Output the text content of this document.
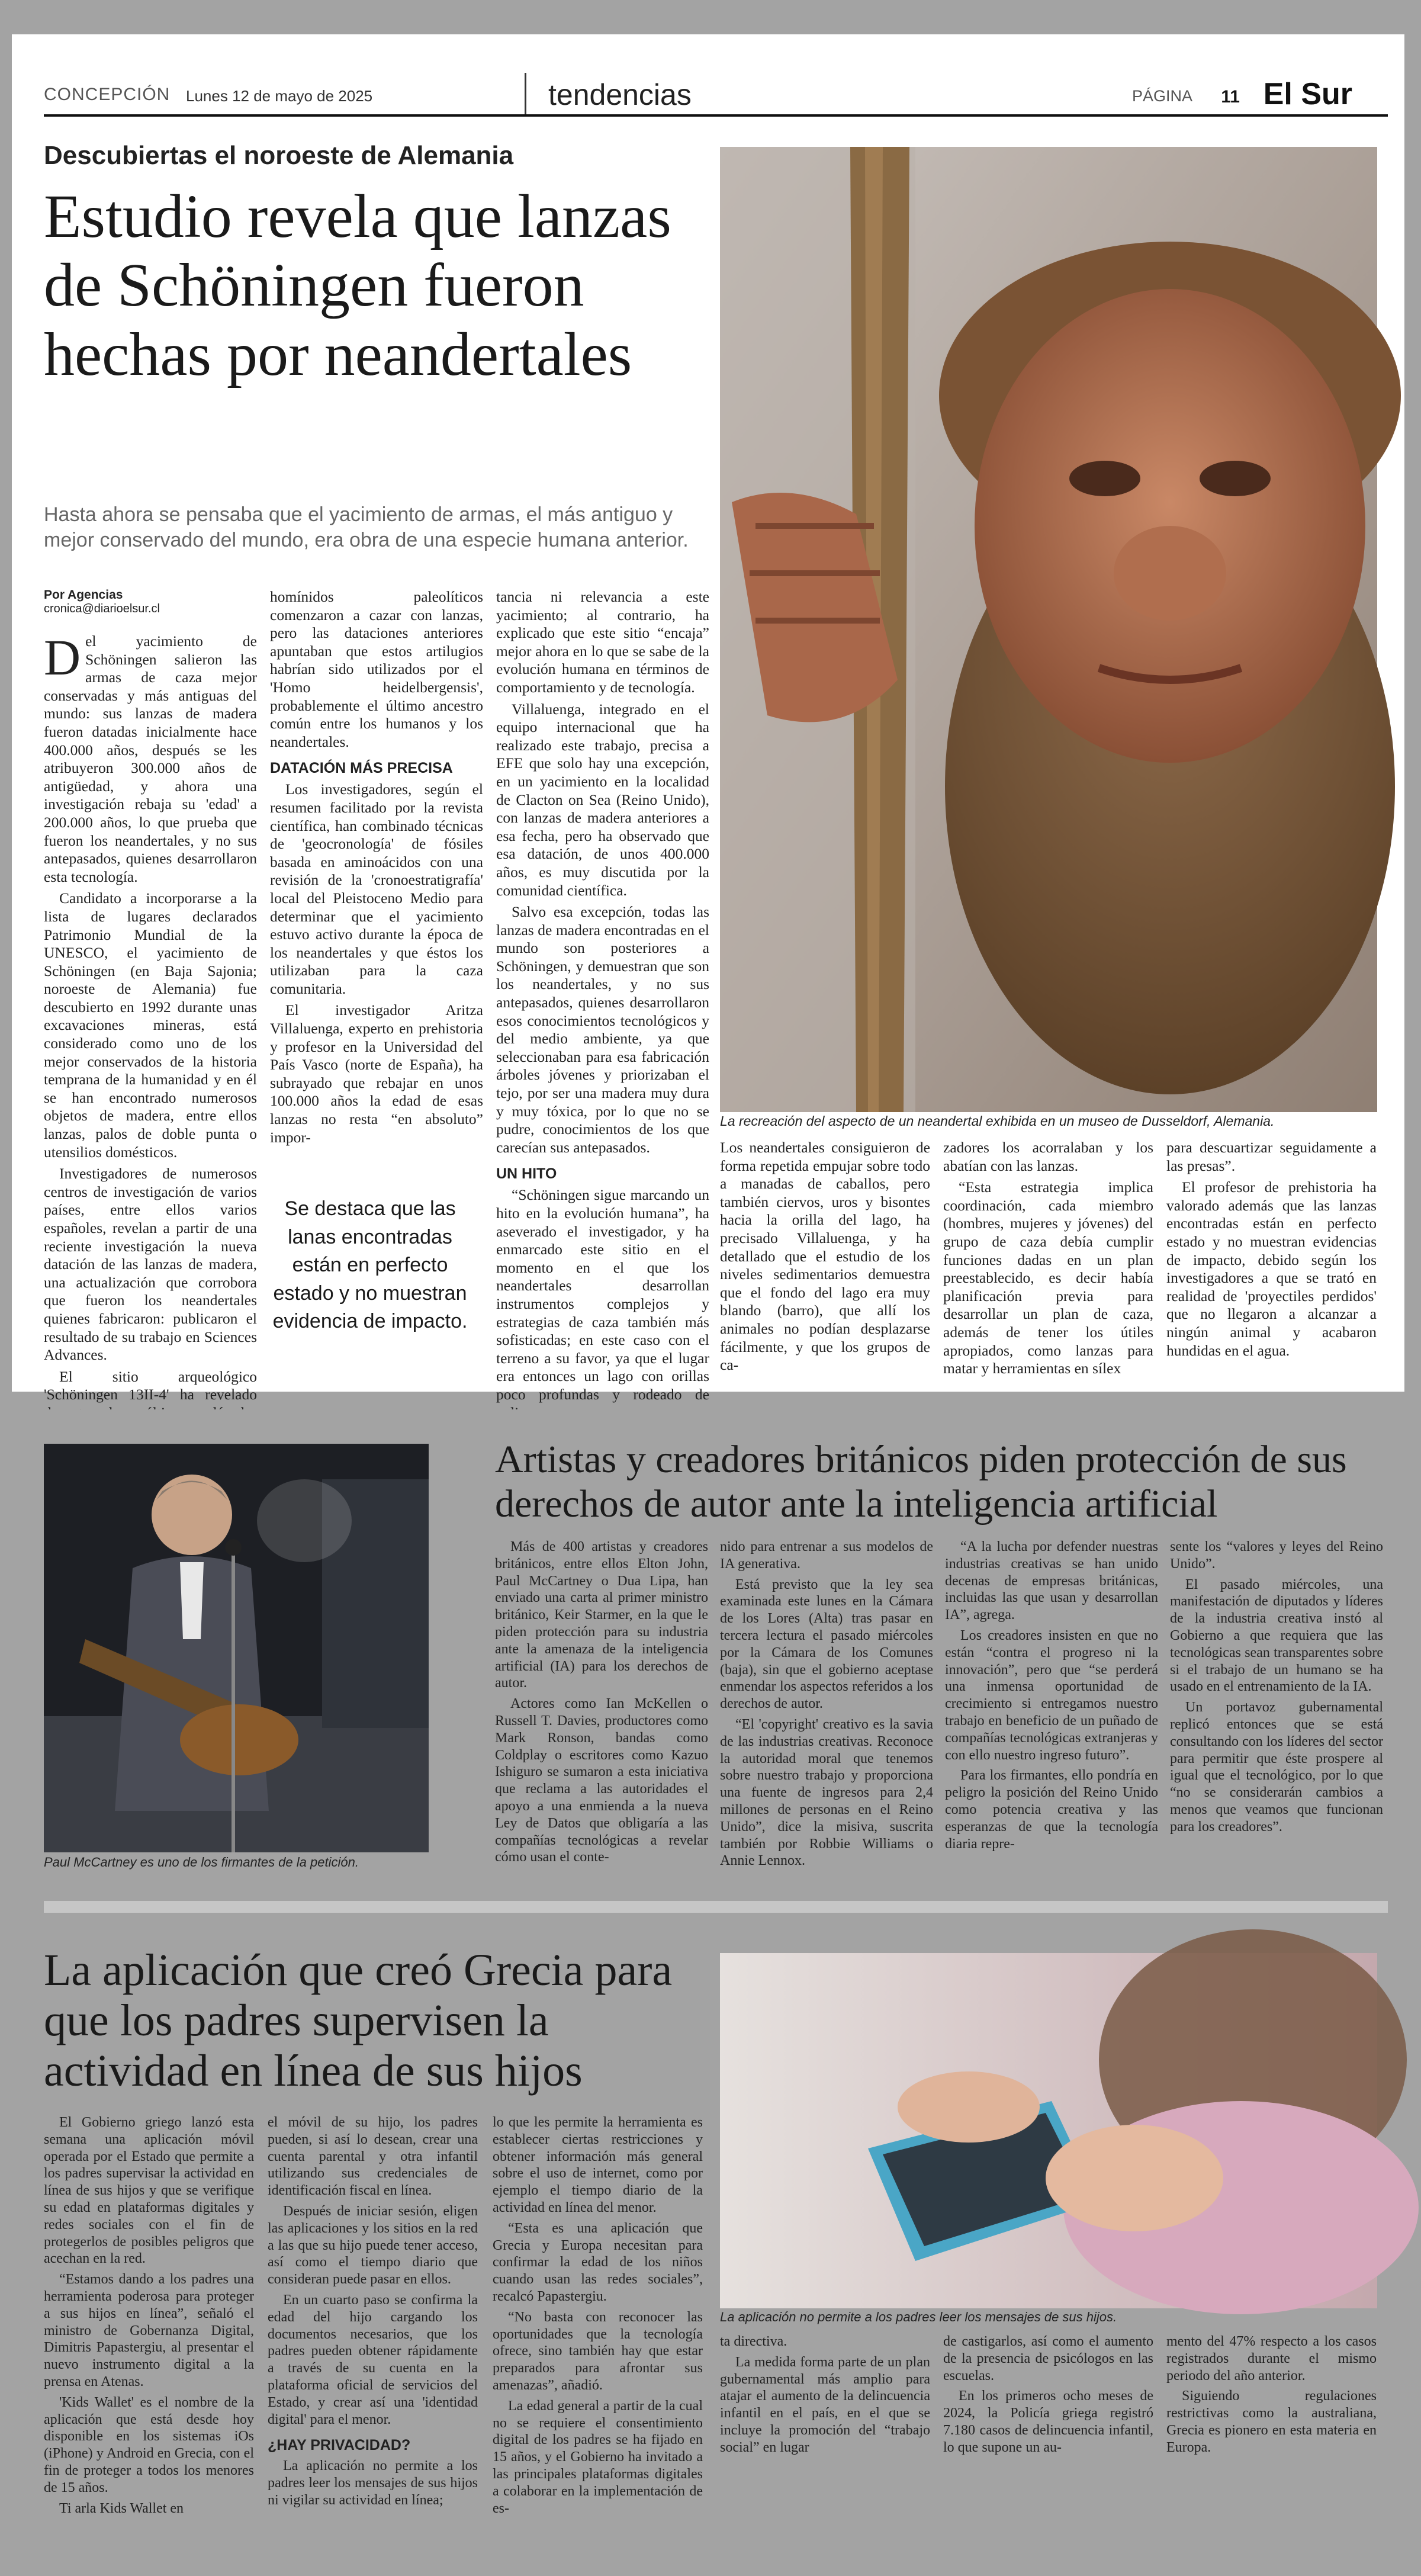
CONCEPCIÓN Lunes 12 de mayo de 2025	tendencias	PÁGINA 11 El Sur
Descubiertas el noroeste de Alemania
Estudio revela que lanzas de Schöningen fueron hechas por neandertales
Hasta ahora se pensaba que el yacimiento de armas, el más antiguo y mejor conservado del mundo, era obra de una especie humana anterior.
Por Agencias
cronica@diarioelsur.cl

Del yacimiento de Schöningen salieron las armas de caza mejor conservadas y más antiguas del mundo: sus lanzas de madera fueron datadas inicialmente hace 400.000 años, después se les atribuyeron 300.000 años de antigüedad, y ahora una investigación rebaja su 'edad' a 200.000 años, lo que prueba que fueron los neandertales, y no sus antepasados, quienes desarrollaron esta tecnología.

Candidato a incorporarse a la lista de lugares declarados Patrimonio Mundial de la UNESCO, el yacimiento de Schöningen (en Baja Sajonia; noroeste de Alemania) fue descubierto en 1992 durante unas excavaciones mineras, está considerado como uno de los mejor conservados de la historia temprana de la humanidad y en él se han encontrado numerosos objetos de madera, entre ellos lanzas, palos de doble punta o utensilios domésticos.

Investigadores de numerosos centros de investigación de varios países, entre ellos varios españoles, revelan a partir de una reciente investigación la nueva datación de las lanzas de madera, una actualización que corrobora que fueron los neandertales quienes fabricaron: publicaron el resultado de su trabajo en Sciences Advances.

El sitio arqueológico 'Schöningen 13II-4' ha revelado

homínidos paleolíticos comenzaron a cazar con lanzas, pero las dataciones anteriores apuntaban que estos artilugios habrían sido utilizados por el 'Homo heidelbergensis', probablemente el último ancestro común entre los humanos y los neandertales.

DATACIÓN MÁS PRECISA

Los investigadores, según el resumen facilitado por la revista científica, han combinado técnicas de 'geocronología' de fósiles basada en aminoácidos con una revisión de la 'cronoestratigrafía' local del Pleistoceno Medio para determinar que el yacimiento estuvo activo durante la época de los neandertales y que éstos los utilizaban para la caza comunitaria.

El investigador Aritza Villaluenga, experto en prehistoria y profesor en la Universidad del País Vasco (norte de España), ha subrayado que rebajar en unos 100.000 años la edad de esas lanzas no resta “en absoluto” impor-

Se destaca que las lanas encontradas están en perfecto estado y no muestran evidencia de impacto.

tancia ni relevancia a este yacimiento; al contrario, ha explicado que este sitio “encaja” mejor ahora en lo que se sabe de la evolución humana en términos de comportamiento y de tecnología.

Villaluenga, integrado en el equipo internacional que ha realizado este trabajo, precisa a EFE que solo hay una excepción, en un yacimiento en la localidad de Clacton on Sea (Reino Unido), con lanzas de madera anteriores a esa fecha, pero ha observado que esa datación, de unos 400.000 años, es muy discutida por la comunidad científica.

Salvo esa excepción, todas las lanzas de madera encontradas en el mundo son posteriores a Schöningen, y demuestran que son los neandertales, y no sus antepasados, quienes desarrollaron esos conocimientos tecnológicos y del medio ambiente, ya que seleccionaban para esa fabricación árboles jóvenes y priorizaban el tejo, por ser una madera muy dura y muy tóxica, por lo que no se pudre, conocimientos de los que carecían sus antepasados.

UN HITO

“Schöningen sigue marcando un hito en la evolución humana”, ha aseverado el investigador, y ha enmarcado este sitio en el momento en el que los neandertales desarrollan instrumentos complejos y estrategias de caza también más sofisticadas; en este caso con el terreno a su favor, ya que el lugar era entonces un lago con orillas poco profundas y rodeado de

La recreación del aspecto de un neandertal exhibida en un museo de Dusseldorf, Alemania.

Los neandertales consiguieron de forma repetida empujar sobre todo a manadas de caballos, pero también ciervos, uros y bisontes hacia la orilla del lago, ha precisado Villaluenga, y ha detallado que el estudio de los niveles sedimentarios demuestra que el fondo del lago era muy blando (barro), que allí los animales no podían desplazarse fácilmente, y que los grupos de ca-

zadores los acorralaban y los abatían con las lanzas.

“Esta estrategia implica coordinación, cada miembro (hombres, mujeres y jóvenes) del grupo de caza debía cumplir funciones dadas en un plan preestablecido, es decir había planificación previa para desarrollar un plan de caza, además de tener los útiles apropiados, como lanzas para matar y herramientas en sílex

para descuartizar seguidamente a las presas”.

El profesor de prehistoria ha valorado además que las lanzas encontradas están en perfecto estado y no muestran evidencias de impacto, debido según los investigadores a que se trató en realidad de 'proyectiles perdidos' que no llegaron a alcanzar a ningún animal y acabaron hundidas en el agua.

Paul McCartney es uno de los firmantes de la petición.
Artistas y creadores británicos piden protección de sus derechos de autor ante la inteligencia artificial

Más de 400 artistas y creadores británicos, entre ellos Elton John, Paul McCartney o Dua Lipa, han enviado una carta al primer ministro británico, Keir Starmer, en la que le piden protección para su industria ante la amenaza de la inteligencia artificial (IA) para los derechos de autor.

Actores como Ian McKellen o Russell T. Davies, productores como Mark Ronson, bandas como Coldplay o escritores como Kazuo Ishiguro se sumaron a esta iniciativa que reclama a las autoridades el apoyo a una enmienda a la nueva Ley de Datos que obligaría a las compañías tecnológicas a revelar cómo usan el conte-

nido para entrenar a sus modelos de IA generativa.

Está previsto que la ley sea examinada este lunes en la Cámara de los Lores (Alta) tras pasar en tercera lectura el pasado miércoles por la Cámara de los Comunes (baja), sin que el gobierno aceptase enmendar los aspectos referidos a los derechos de autor.

“El 'copyright' creativo es la savia de las industrias creativas. Reconoce la autoridad moral que tenemos sobre nuestro trabajo y proporciona una fuente de ingresos para 2,4 millones de personas en el Reino Unido”, dice la misiva, suscrita también por Robbie Williams o Annie Lennox.

“A la lucha por defender nuestras industrias creativas se han unido decenas de empresas británicas, incluidas las que usan y desarrollan IA”, agrega.

Los creadores insisten en que no están “contra el progreso ni la innovación”, pero que “se perderá una inmensa oportunidad de crecimiento si entregamos nuestro trabajo en beneficio de un puñado de compañías tecnológicas extranjeras y con ello nuestro ingreso futuro”.

Para los firmantes, ello pondría en peligro la posición del Reino Unido como potencia creativa y las esperanzas de que la tecnología diaria repre-

sente los “valores y leyes del Reino Unido”.

El pasado miércoles, una manifestación de diputados y líderes de la industria creativa instó al Gobierno a que requiera que las tecnológicas sean transparentes sobre si el trabajo de un humano se ha usado en el entrenamiento de la IA.

Un portavoz gubernamental replicó entonces que se está consultando con los líderes del sector para permitir que éste prospere al igual que el tecnológico, por lo que “no se considerarán cambios a menos que veamos que funcionan para los creadores”.

La aplicación que creó Grecia para que los padres supervisen la actividad en línea de sus hijos
La aplicación no permite a los padres leer los mensajes de sus hijos.

El Gobierno griego lanzó esta semana una aplicación móvil operada por el Estado que permite a los padres supervisar la actividad en línea de sus hijos y que se verifique su edad en plataformas digitales y redes sociales con el fin de protegerlos de posibles peligros que acechan en la red.

“Estamos dando a los padres una herramienta poderosa para proteger a sus hijos en línea”, señaló el ministro de Gobernanza Digital, Dimitris Papastergiu, al presentar el nuevo instrumento digital a la prensa en Atenas.

'Kids Wallet' es el nombre de la aplicación que está desde hoy disponible en los sistemas iOs (iPhone) y Android en Grecia, con el fin de proteger a todos los menores de 15 años.

Ti arla Kids Wallet en

el móvil de su hijo, los padres pueden, si así lo desean, crear una cuenta parental y otra infantil utilizando sus credenciales de identificación fiscal en línea.

Después de iniciar sesión, eligen las aplicaciones y los sitios en la red a las que su hijo puede tener acceso, así como el tiempo diario que consideran puede pasar en ellos.

En un cuarto paso se confirma la edad del hijo cargando los documentos necesarios, que los padres pueden obtener rápidamente a través de su cuenta en la plataforma oficial de servicios del Estado, y crear así una 'identidad digital' para el menor.

¿HAY PRIVACIDAD?

La aplicación no permite a los padres leer los mensajes de sus hijos ni vigilar su actividad en línea;

lo que les permite la herramienta es establecer ciertas restricciones y obtener información más general sobre el uso de internet, como por ejemplo el tiempo diario de la actividad en línea del menor.

“Esta es una aplicación que Grecia y Europa necesitan para confirmar la edad de los niños cuando usan las redes sociales”, recalcó Papastergiu.

“No basta con reconocer las oportunidades que la tecnología ofrece, sino también hay que estar preparados para afrontar sus amenazas”, añadió.

La edad general a partir de la cual no se requiere el consentimiento digital de los padres se ha fijado en 15 años, y el Gobierno ha invitado a las principales plataformas digitales a colaborar en la implementación de es-

ta directiva.

La medida forma parte de un plan gubernamental más amplio para atajar el aumento de la delincuencia infantil en el país, en el que se incluye la promoción del “trabajo social” en lugar

de castigarlos, así como el aumento de la presencia de psicólogos en las escuelas.

En los primeros ocho meses de 2024, la Policía griega registró 7.180 casos de delincuencia infantil, lo que supone un au-

mento del 47% respecto a los casos registrados durante el mismo periodo del año anterior.

Siguiendo regulaciones restrictivas como la australiana, Grecia es pionero en esta materia en Europa.
